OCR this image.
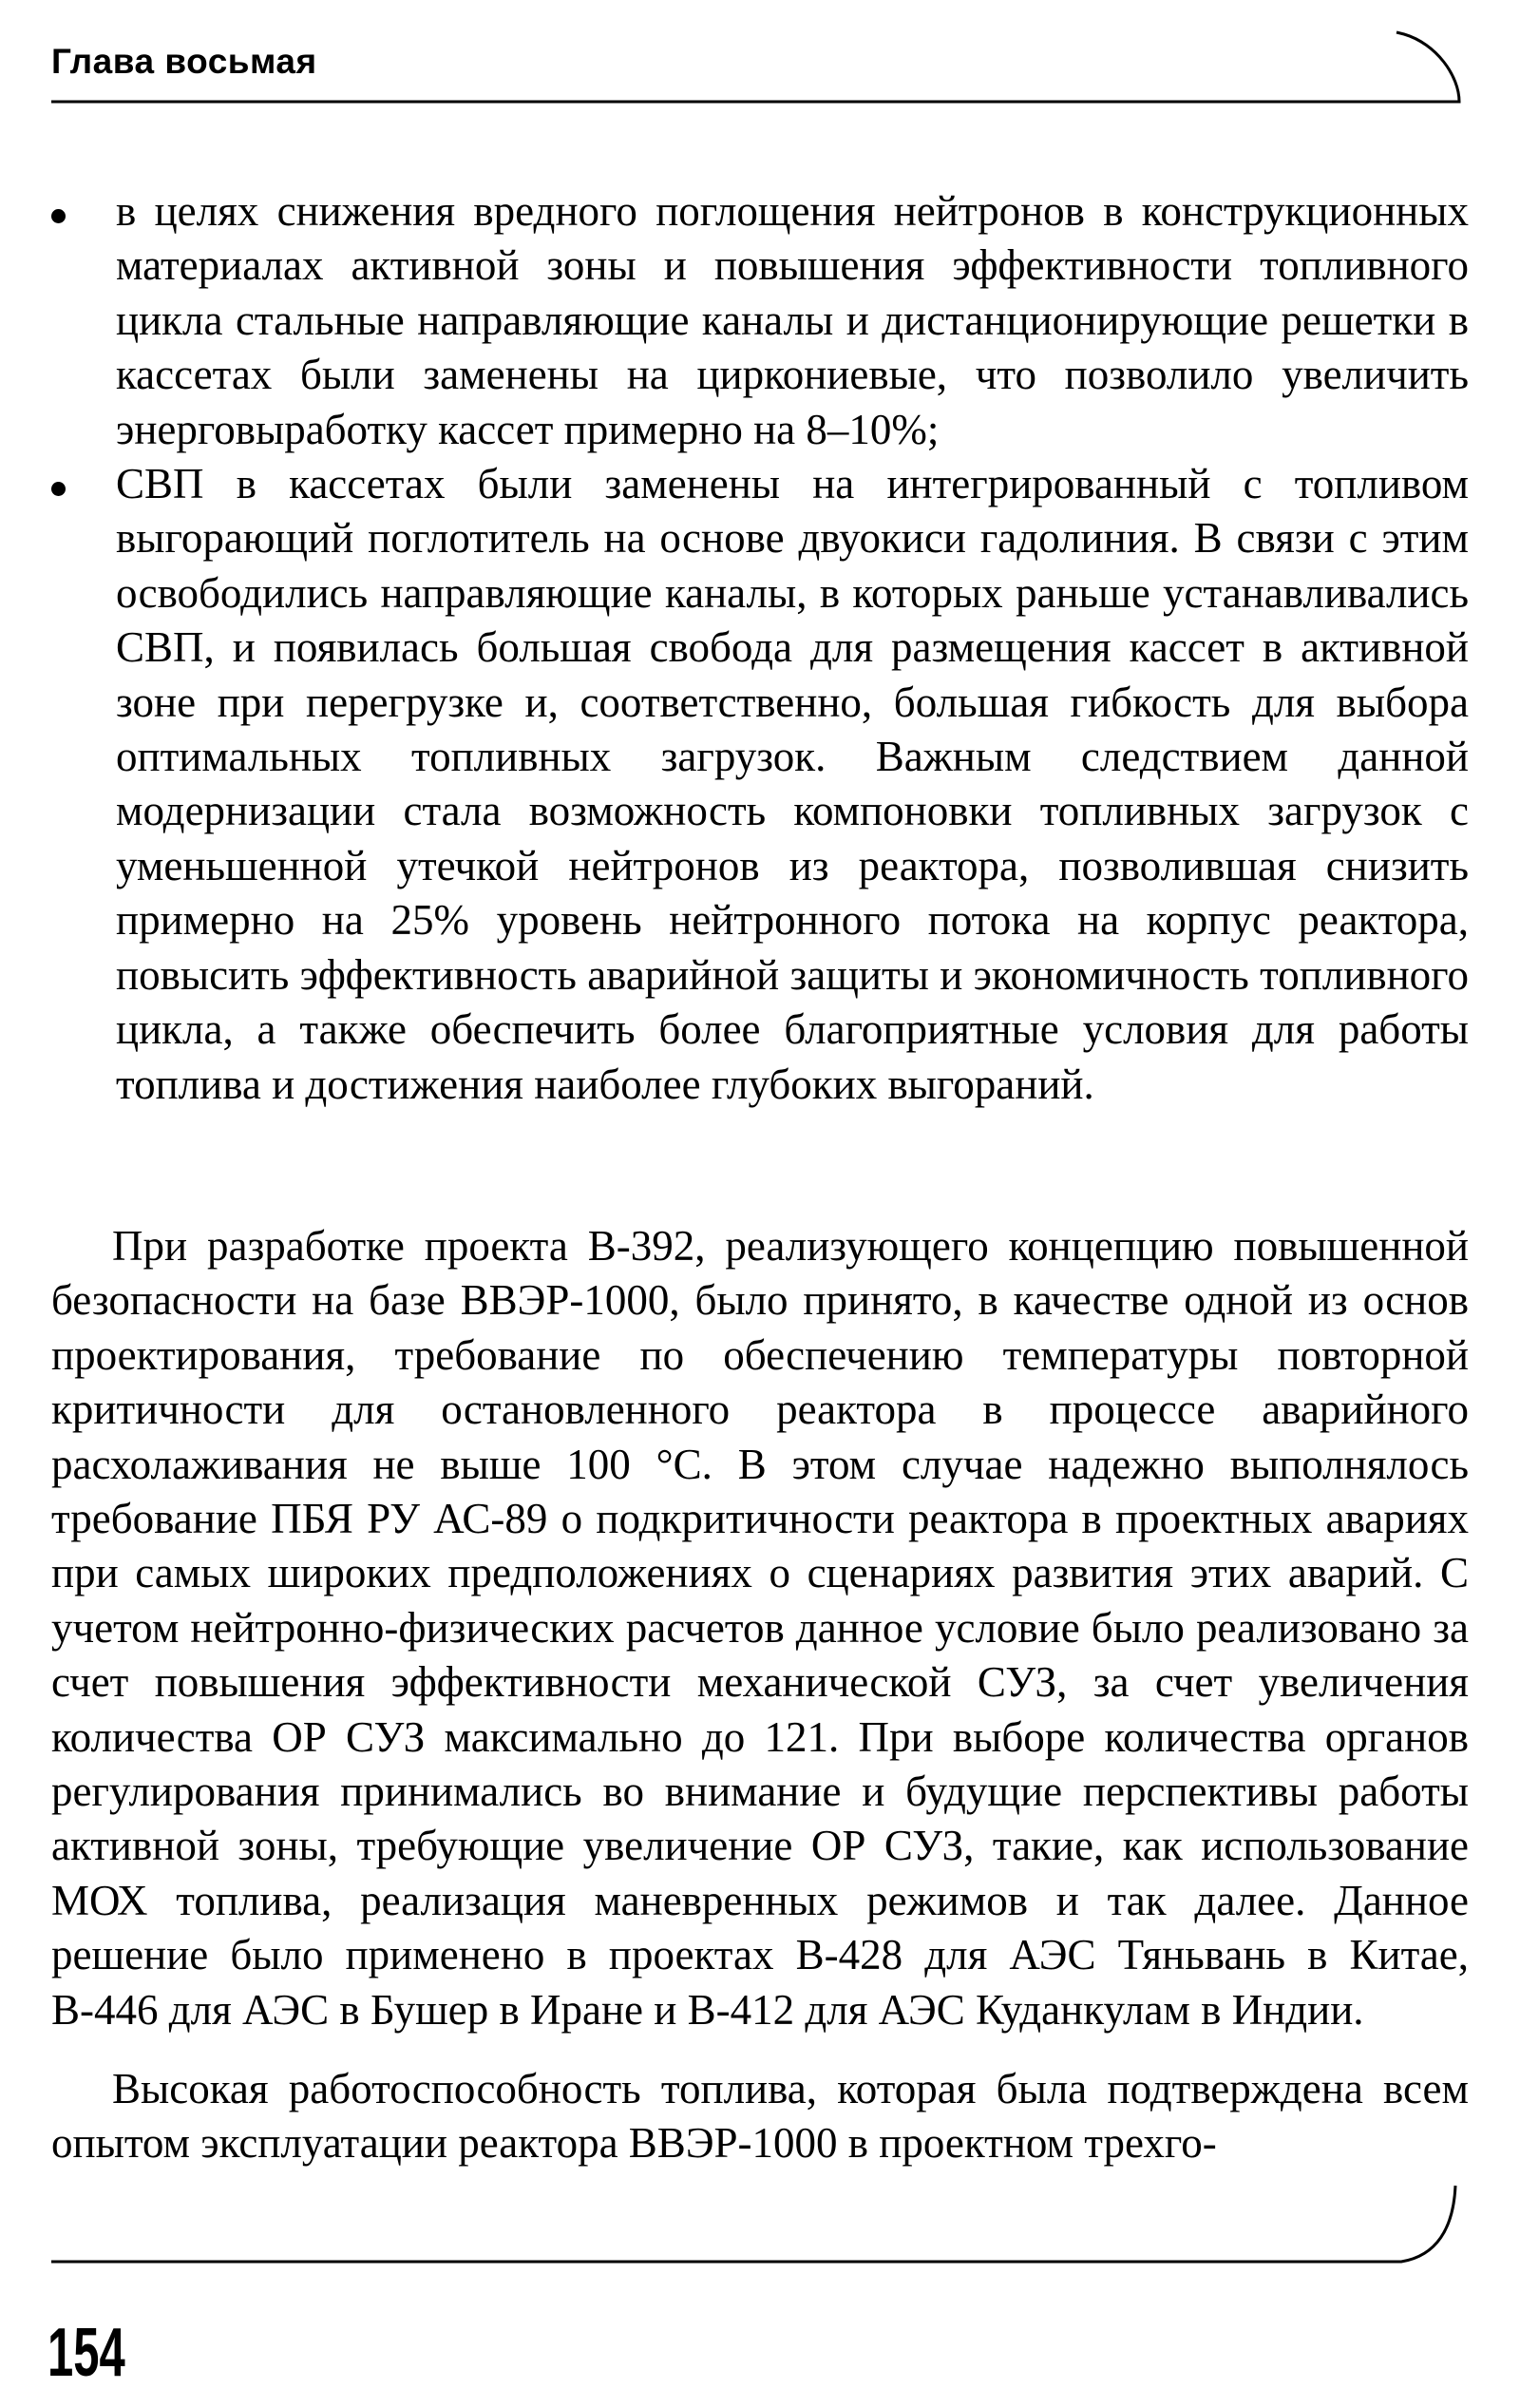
Глава восьмая
в целях снижения вредного поглощения нейтронов в конструкционных материалах активной зоны и повышения эффективности топливного цикла стальные направляющие каналы и дистанционирующие решетки в кассетах были заменены на циркониевые, что позволило увеличить энерговыработку кассет примерно на 8–10%;
СВП в кассетах были заменены на интегрированный с топливом выгорающий поглотитель на основе двуокиси гадолиния. В связи с этим освободились направляющие каналы, в которых раньше устанавливались СВП, и появилась большая свобода для размещения кассет в активной зоне при перегрузке и, соответственно, большая гибкость для выбора оптимальных топливных загрузок. Важным следствием данной модернизации стала возможность компоновки топливных загрузок с уменьшенной утечкой нейтронов из реактора, позволившая снизить примерно на 25% уровень нейтронного потока на корпус реактора, повысить эффективность аварийной защиты и экономичность топливного цикла, а также обеспечить более благоприятные условия для работы топлива и достижения наиболее глубоких выгораний.

При разработке проекта В-392, реализующего концепцию повышенной безопасности на базе ВВЭР-1000, было принято, в качестве одной из основ проектирования, требование по обеспечению температуры повторной критичности для остановленного реактора в процессе аварийного расхолаживания не выше 100 °С. В этом случае надежно выполнялось требование ПБЯ РУ АС-89 о подкритичности реактора в проектных авариях при самых широких предположениях о сценариях развития этих аварий. С учетом нейтронно-физических расчетов данное условие было реализовано за счет повышения эффективности механической СУЗ, за счет увеличения количества ОР СУЗ максимально до 121. При выборе количества органов регулирования принимались во внимание и будущие перспективы работы активной зоны, требующие увеличение ОР СУЗ, такие, как использование МОХ топлива, реализация маневренных режимов и так далее. Данное решение было применено в проектах В-428 для АЭС Тяньвань в Китае, В-446 для АЭС в Бушер в Иране и В-412 для АЭС Куданкулам в Индии.

Высокая работоспособность топлива, которая была подтверждена всем опытом эксплуатации реактора ВВЭР-1000 в проектном трехго-

154
